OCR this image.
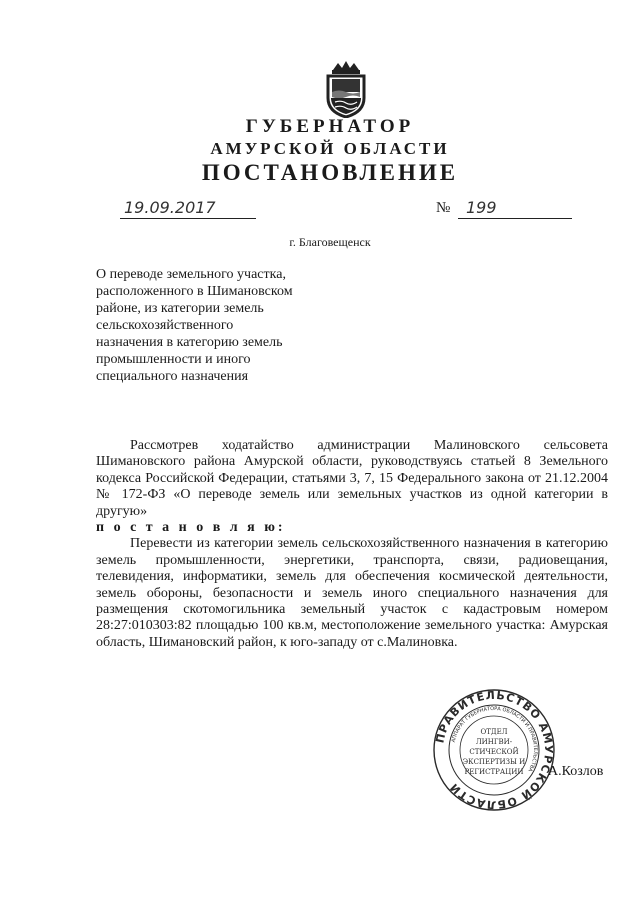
ГУБЕРНАТОР
АМУРСКОЙ ОБЛАСТИ
ПОСТАНОВЛЕНИЕ
19.09.2017	№ 199
г. Благовещенск
О переводе земельного участка,
расположенного в Шимановском
районе, из категории земель
сельскохозяйственного
назначения в категорию земель
промышленности и иного
специального назначения
Рассмотрев ходатайство администрации Малиновского сельсовета Шимановского района Амурской области, руководствуясь статьей 8 Земельного кодекса Российской Федерации, статьями 3, 7, 15 Федерального закона от 21.12.2004 № 172-ФЗ «О переводе земель или земельных участков из одной категории в другую»
п о с т а н о в л я ю:
Перевести из категории земель сельскохозяйственного назначения в категорию земель промышленности, энергетики, транспорта, связи, радиовещания, телевидения, информатики, земель для обеспечения космической деятельности, земель обороны, безопасности и земель иного специального назначения для размещения скотомогильника земельный участок с кадастровым номером 28:27:010303:82 площадью 100 кв.м, местоположение земельного участка: Амурская область, Шимановский район, к юго-западу от с.Малиновка.
ПРАВИТЕЛЬСТВО АМУРСКОЙ ОБЛАСТИ
АППАРАТ ГУБЕРНАТОРА ОБЛАСТИ И ПРАВИТЕЛЬСТВА
ОТДЕЛ
ЛИНГВИ-
СТИЧЕСКОЙ
ЭКСПЕРТИЗЫ И
РЕГИСТРАЦИИ А.Козлов
